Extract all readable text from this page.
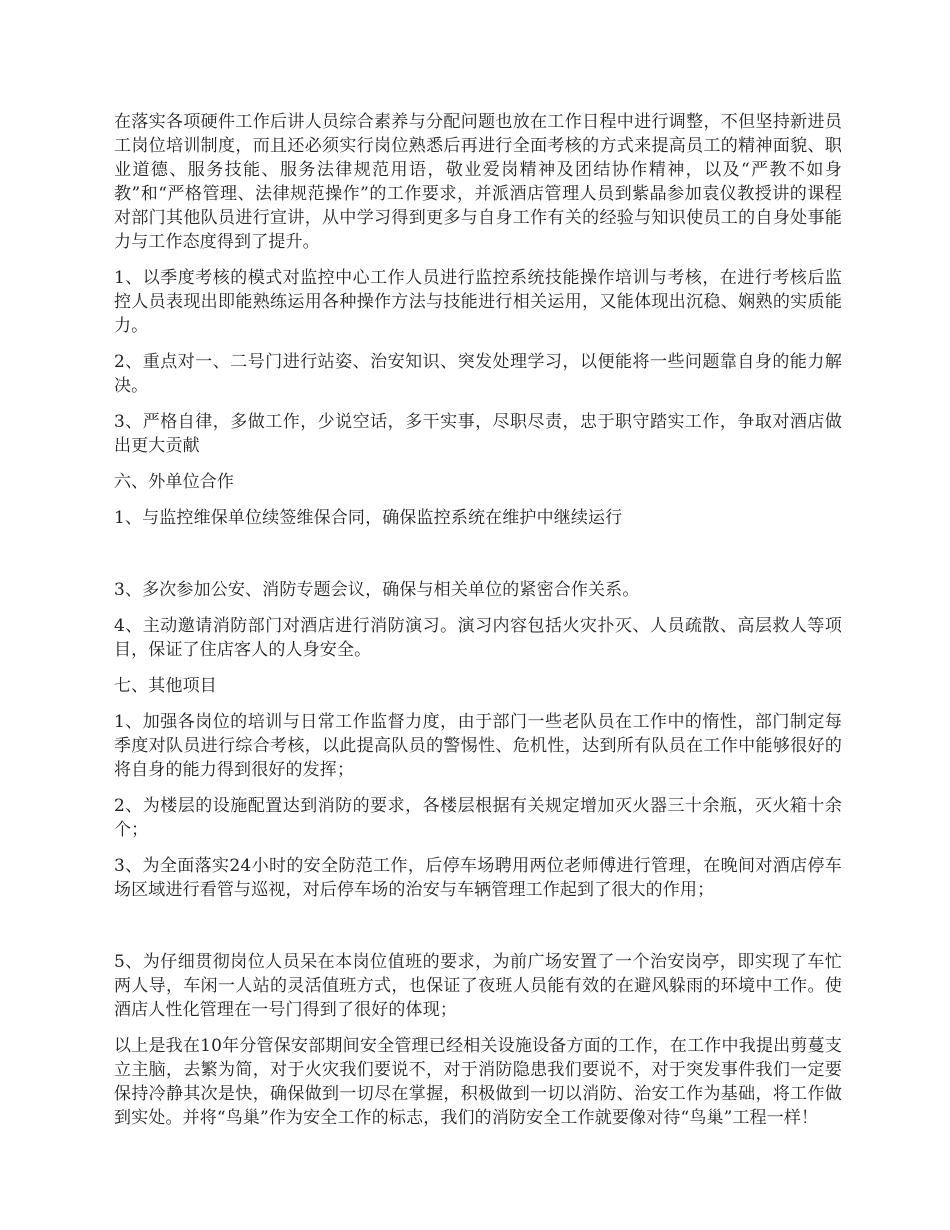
在落实各项硬件工作后讲人员综合素养与分配问题也放在工作日程中进行调整，不但坚持新进员工岗位培训制度，而且还必须实行岗位熟悉后再进行全面考核的方式来提高员工的精神面貌、职业道德、服务技能、服务法律规范用语，敬业爱岗精神及团结协作精神，以及“严教不如身教”和“严格管理、法律规范操作”的工作要求，并派酒店管理人员到紫晶参加袁仪教授讲的课程对部门其他队员进行宣讲，从中学习得到更多与自身工作有关的经验与知识使员工的自身处事能力与工作态度得到了提升。

1、以季度考核的模式对监控中心工作人员进行监控系统技能操作培训与考核，在进行考核后监控人员表现出即能熟练运用各种操作方法与技能进行相关运用，又能体现出沉稳、娴熟的实质能力。

2、重点对一、二号门进行站姿、治安知识、突发处理学习，以便能将一些问题靠自身的能力解决。

3、严格自律，多做工作，少说空话，多干实事，尽职尽责，忠于职守踏实工作，争取对酒店做出更大贡献

六、外单位合作

1、与监控维保单位续签维保合同，确保监控系统在维护中继续运行

3、多次参加公安、消防专题会议，确保与相关单位的紧密合作关系。

4、主动邀请消防部门对酒店进行消防演习。演习内容包括火灾扑灭、人员疏散、高层救人等项目，保证了住店客人的人身安全。

七、其他项目

1、加强各岗位的培训与日常工作监督力度，由于部门一些老队员在工作中的惰性，部门制定每季度对队员进行综合考核，以此提高队员的警惕性、危机性，达到所有队员在工作中能够很好的将自身的能力得到很好的发挥；

2、为楼层的设施配置达到消防的要求，各楼层根据有关规定增加灭火器三十余瓶，灭火箱十余个；

3、为全面落实24小时的安全防范工作，后停车场聘用两位老师傅进行管理，在晚间对酒店停车场区域进行看管与巡视，对后停车场的治安与车辆管理工作起到了很大的作用；

5、为仔细贯彻岗位人员呆在本岗位值班的要求，为前广场安置了一个治安岗亭，即实现了车忙两人导，车闲一人站的灵活值班方式，也保证了夜班人员能有效的在避风躲雨的环境中工作。使酒店人性化管理在一号门得到了很好的体现；

以上是我在10年分管保安部期间安全管理已经相关设施设备方面的工作，在工作中我提出剪蔓支立主脑，去繁为简，对于火灾我们要说不，对于消防隐患我们要说不，对于突发事件我们一定要保持冷静其次是快，确保做到一切尽在掌握，积极做到一切以消防、治安工作为基础，将工作做到实处。并将“鸟巢”作为安全工作的标志，我们的消防安全工作就要像对待“鸟巢”工程一样！
